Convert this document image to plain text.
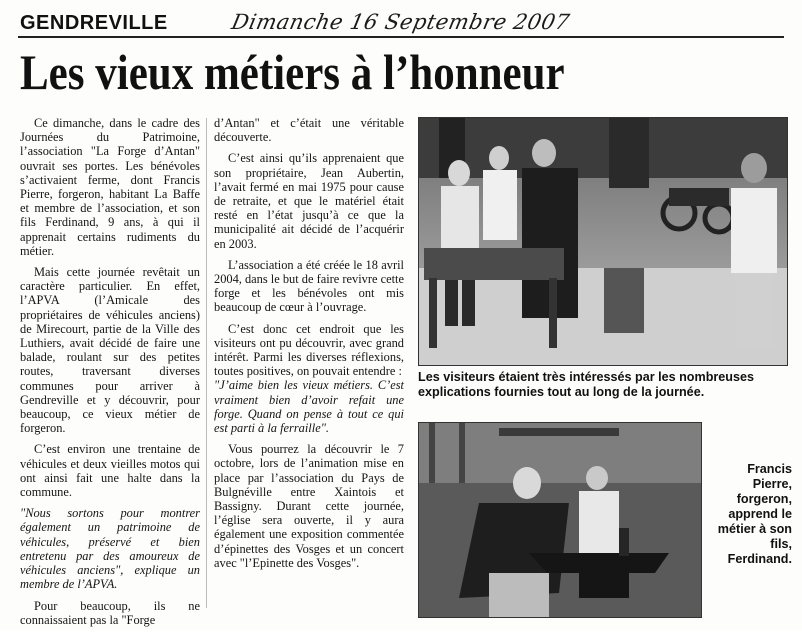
GENDREVILLE	Dimanche 16 Septembre 2007
Les vieux métiers à l’honneur

Ce dimanche, dans le cadre des Journées du Patrimoine, l’association "La Forge d’Antan" ouvrait ses portes. Les bénévoles s’activaient ferme, dont Francis Pierre, forgeron, habitant La Baffe et membre de l’association, et son fils Ferdinand, 9 ans, à qui il apprenait certains rudiments du métier.

Mais cette journée revêtait un caractère particulier. En effet, l’APVA (l’Amicale des propriétaires de véhicules anciens) de Mirecourt, partie de la Ville des Luthiers, avait décidé de faire une balade, roulant sur des petites routes, traversant diverses communes pour arriver à Gendreville et y découvrir, pour beaucoup, ce vieux métier de forgeron.

C’est environ une trentaine de véhicules et deux vieilles motos qui ont ainsi fait une halte dans la commune.

"Nous sortons pour montrer également un patrimoine de véhicules, préservé et bien entretenu par des amoureux de véhicules anciens", explique un membre de l’APVA.

Pour beaucoup, ils ne connaissaient pas la "Forge

d’Antan" et c’était une véritable découverte.

C’est ainsi qu’ils apprenaient que son propriétaire, Jean Aubertin, l’avait fermé en mai 1975 pour cause de retraite, et que le matériel était resté en l’état jusqu’à ce que la municipalité ait décidé de l’acquérir en 2003.

L’association a été créée le 18 avril 2004, dans le but de faire revivre cette forge et les bénévoles ont mis beaucoup de cœur à l’ouvrage.

C’est donc cet endroit que les visiteurs ont pu découvrir, avec grand intérêt. Parmi les diverses réflexions, toutes positives, on pouvait entendre :

"J’aime bien les vieux métiers. C’est vraiment bien d’avoir refait une forge. Quand on pense à tout ce qui est parti à la ferraille".

Vous pourrez la découvrir le 7 octobre, lors de l’animation mise en place par l’association du Pays de Bulgnéville entre Xaintois et Bassigny. Durant cette journée, l’église sera ouverte, il y aura également une exposition commentée d’épinettes des Vosges et un concert avec "l’Epinette des Vosges".

Les visiteurs étaient très intéressés par les nombreuses explications fournies tout au long de la journée.
Francis Pierre, forgeron, apprend le métier à son fils, Ferdinand.
